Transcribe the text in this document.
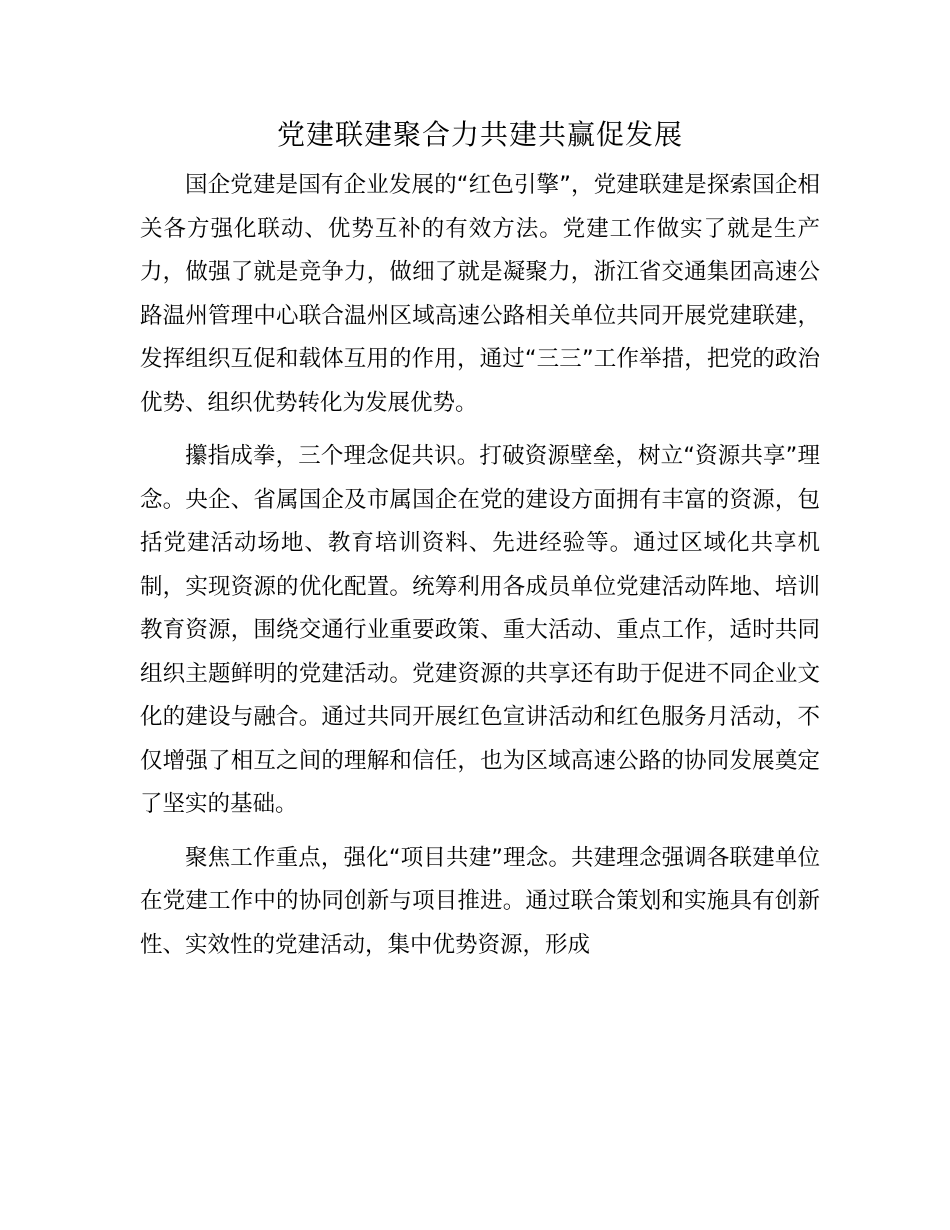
党建联建聚合力共建共赢促发展

国企党建是国有企业发展的“红色引擎”，党建联建是探索国企相关各方强化联动、优势互补的有效方法。党建工作做实了就是生产力，做强了就是竞争力，做细了就是凝聚力，浙江省交通集团高速公路温州管理中心联合温州区域高速公路相关单位共同开展党建联建，发挥组织互促和载体互用的作用，通过“三三”工作举措，把党的政治优势、组织优势转化为发展优势。

攥指成拳，三个理念促共识。打破资源壁垒，树立“资源共享”理念。央企、省属国企及市属国企在党的建设方面拥有丰富的资源，包括党建活动场地、教育培训资料、先进经验等。通过区域化共享机制，实现资源的优化配置。统筹利用各成员单位党建活动阵地、培训教育资源，围绕交通行业重要政策、重大活动、重点工作，适时共同组织主题鲜明的党建活动。党建资源的共享还有助于促进不同企业文化的建设与融合。通过共同开展红色宣讲活动和红色服务月活动，不仅增强了相互之间的理解和信任，也为区域高速公路的协同发展奠定了坚实的基础。

聚焦工作重点，强化“项目共建”理念。共建理念强调各联建单位在党建工作中的协同创新与项目推进。通过联合策划和实施具有创新性、实效性的党建活动，集中优势资源，形成
